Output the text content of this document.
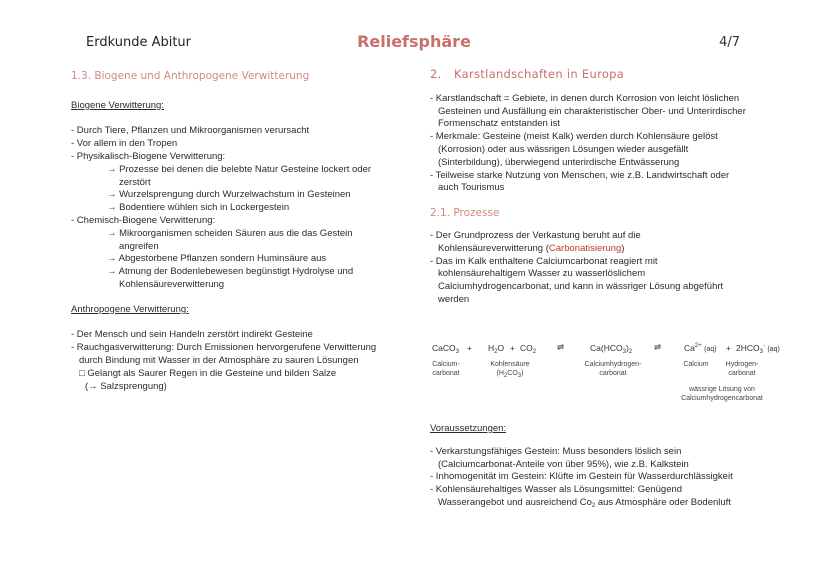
Erdkunde Abitur	Reliefsphäre	4/7
1.3. Biogene und Anthropogene Verwitterung
Biogene Verwitterung:
- Durch Tiere, Pflanzen und Mikroorganismen verursacht
- Vor allem in den Tropen
- Physikalisch-Biogene Verwitterung:
→ Prozesse bei denen die belebte Natur Gesteine lockert oder
zerstört
→ Wurzelsprengung durch Wurzelwachstum in Gesteinen
→ Bodentiere wühlen sich in Lockergestein
- Chemisch-Biogene Verwitterung:
→ Mikroorganismen scheiden Säuren aus die das Gestein
angreifen
→ Abgestorbene Pflanzen sondern Huminsäure aus
→ Atmung der Bodenlebewesen begünstigt Hydrolyse und
Kohlensäureverwitterung
Anthropogene Verwitterung:
- Der Mensch und sein Handeln zerstört indirekt Gesteine
- Rauchgasverwitterung: Durch Emissionen hervorgerufene Verwitterung
durch Bindung mit Wasser in der Atmosphäre zu sauren Lösungen
□ Gelangt als Saurer Regen in die Gesteine und bilden Salze
(→ Salzsprengung)
2. Karstlandschaften in Europa
- Karstlandschaft = Gebiete, in denen durch Korrosion von leicht löslichen
Gesteinen und Ausfällung ein charakteristischer Ober- und Unterirdischer
Formenschatz entstanden ist
- Merkmale: Gesteine (meist Kalk) werden durch Kohlensäure gelöst
(Korrosion) oder aus wässrigen Lösungen wieder ausgefällt
(Sinterbildung), überwiegend unterirdische Entwässerung
- Teilweise starke Nutzung von Menschen, wie z.B. Landwirtschaft oder
auch Tourismus
2.1. Prozesse
- Der Grundprozess der Verkastung beruht auf die
Kohlensäureverwitterung (Carbonatisierung)
- Das im Kalk enthaltene Calciumcarbonat reagiert mit
kohlensäurehaltigem Wasser zu wasserlöslichem
Calciumhydrogencarbonat, und kann in wässriger Lösung abgeführt
werden
CaCO$_3$ + $H_2O + CO_2$ ⇌	$Ca(HCO_3)_2$	⇌	$Ca^{2+}$ $(aq) + 2HCO_3^-$ (aq)
Calcium-
carbonat
Kohlensäure
(H2CO3)
Calciumhydrogen-
carbonat
Calcium	Hydrogen-
carbonat
wässrige Lösung von
Calciumhydrogencarbonat
Voraussetzungen:
- Verkarstungsfähiges Gestein: Muss besonders löslich sein
(Calciumcarbonat-Anteile von über 95%), wie z.B. Kalkstein
- Inhomogenität im Gestein: Klüfte im Gestein für Wasserdurchlässigkeit
- Kohlensäurehaltiges Wasser als Lösungsmittel: Genügend
Wasserangebot und ausreichend $Co_2$ aus Atmosphäre oder Bodenluft
